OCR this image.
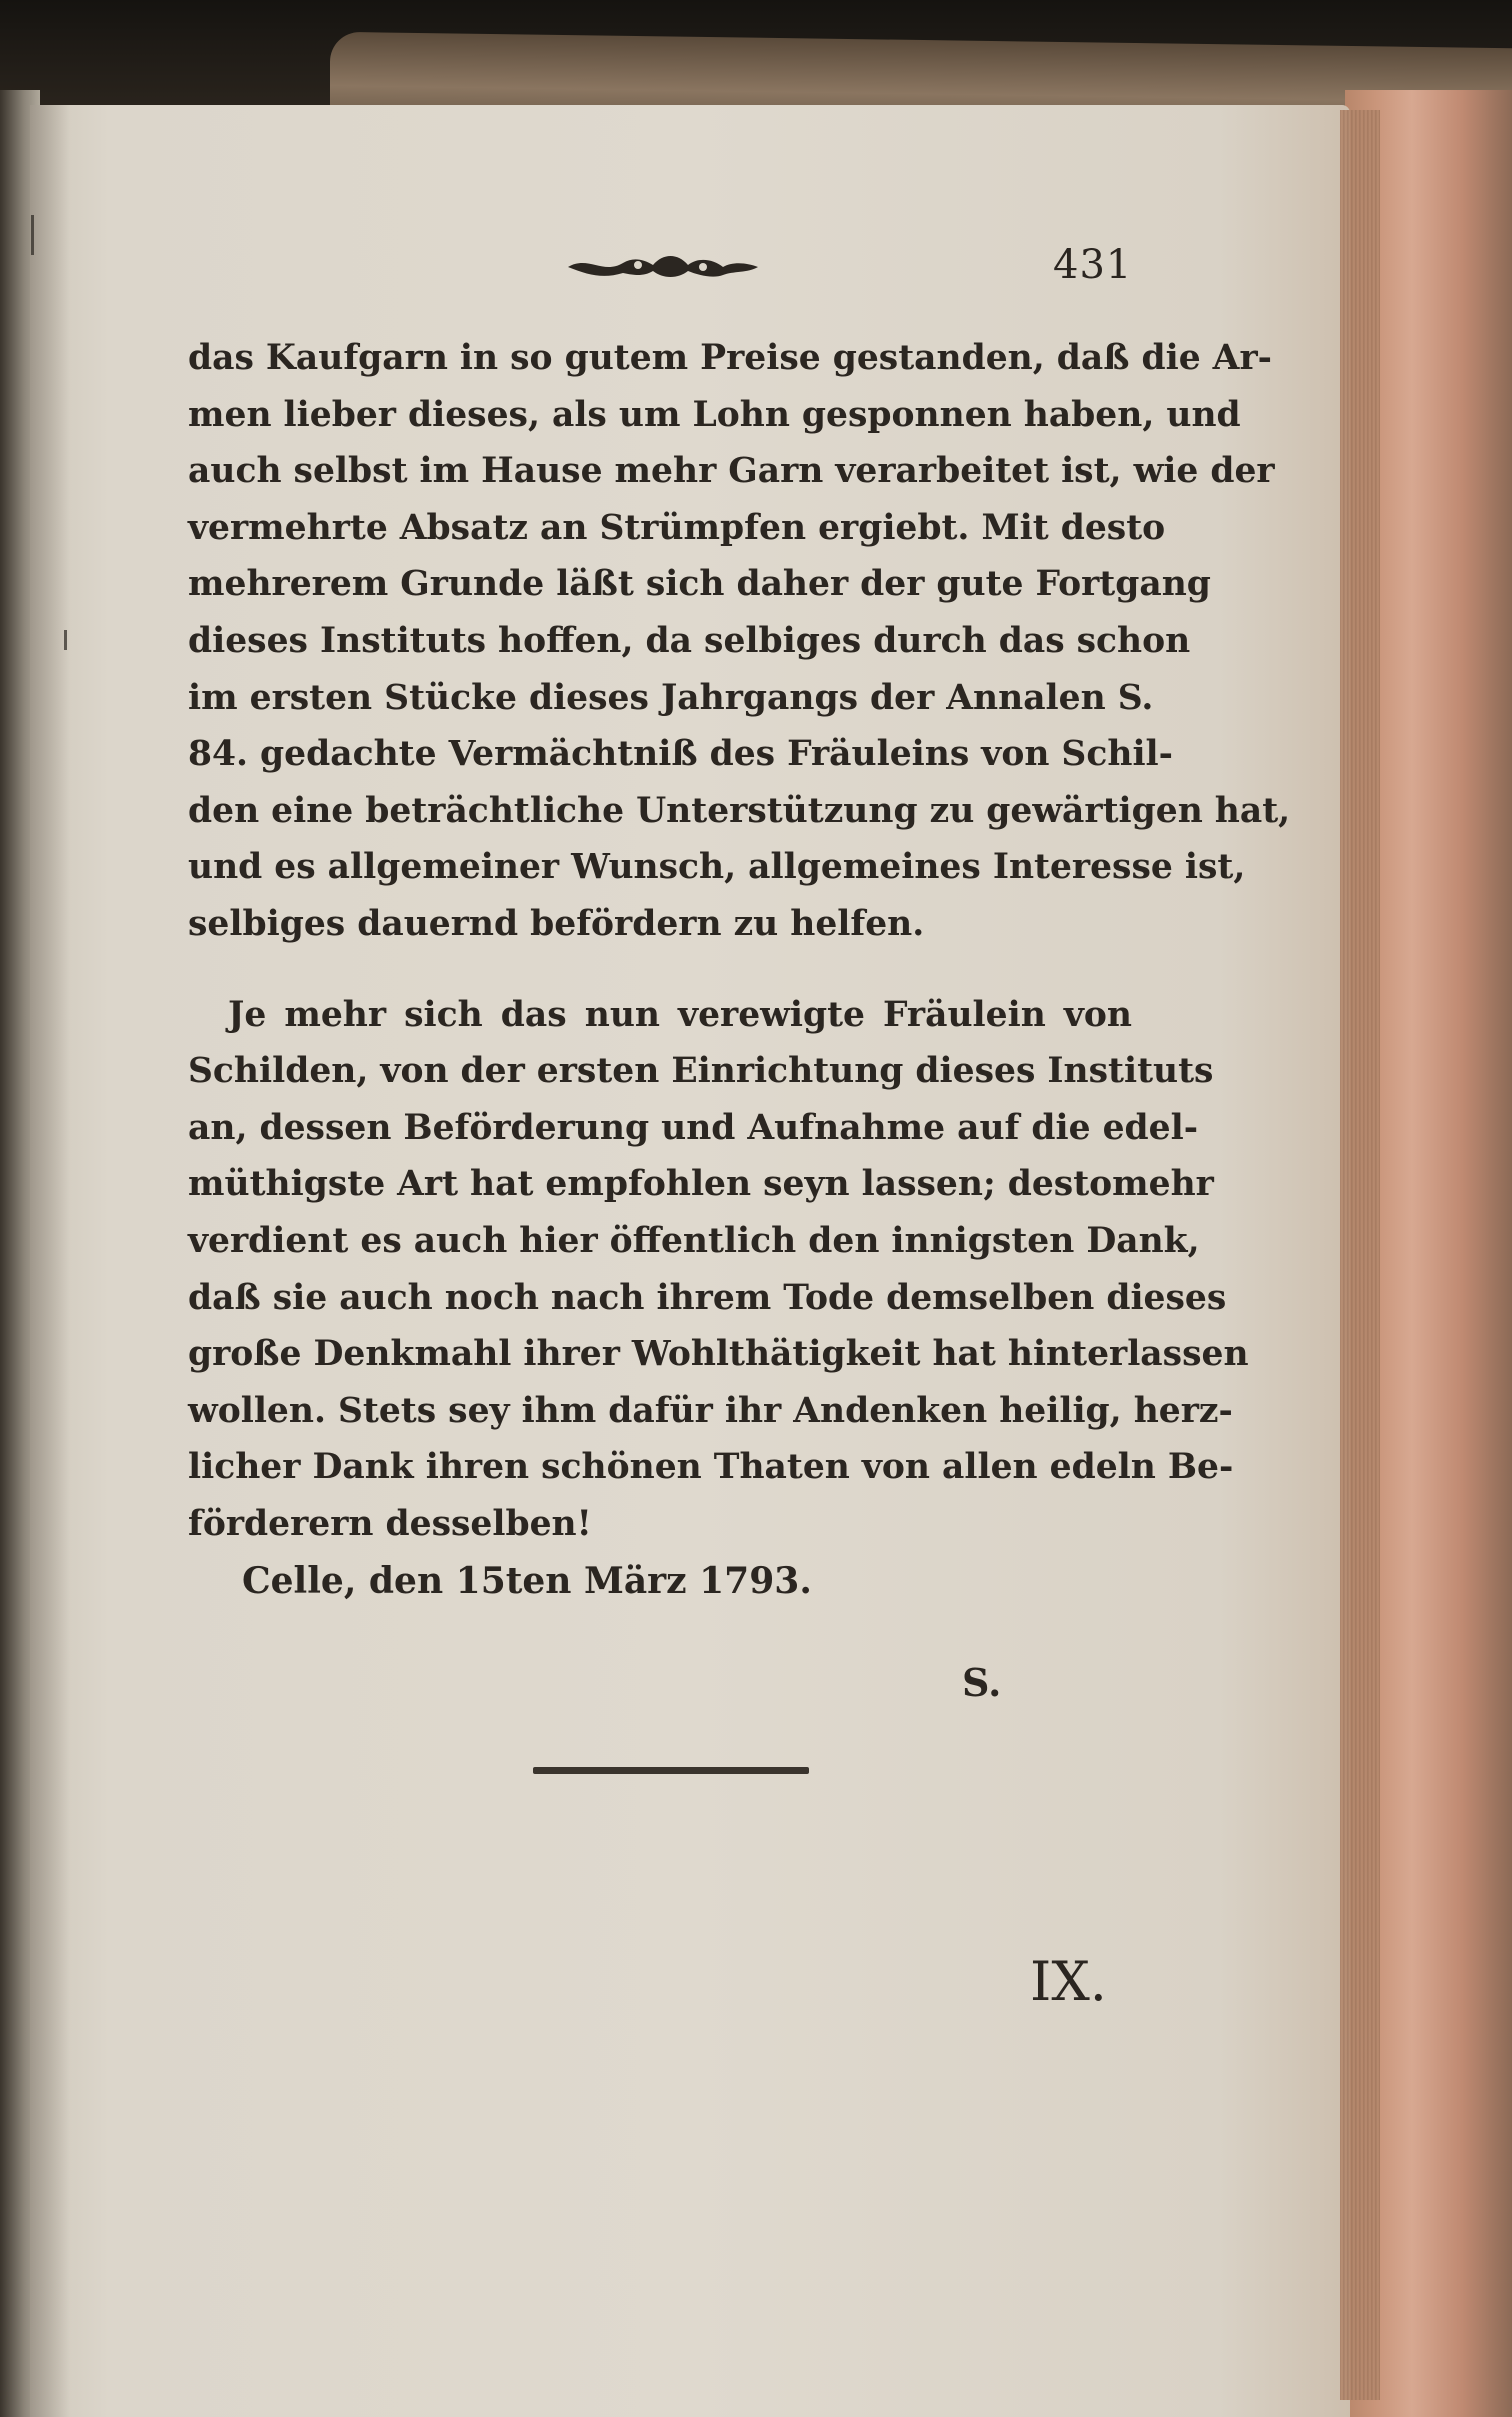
431
das Kaufgarn in so gutem Preise gestanden, daß die Ar-
men lieber dieses, als um Lohn gesponnen haben, und
auch selbst im Hause mehr Garn verarbeitet ist, wie der
vermehrte Absatz an Strümpfen ergiebt. Mit desto
mehrerem Grunde läßt sich daher der gute Fortgang
dieses Instituts hoffen, da selbiges durch das schon
im ersten Stücke dieses Jahrgangs der Annalen S.
84. gedachte Vermächtniß des Fräuleins von Schil-
den eine beträchtliche Unterstützung zu gewärtigen hat,
und es allgemeiner Wunsch, allgemeines Interesse ist,
selbiges dauernd befördern zu helfen.
Je mehr sich das nun verewigte Fräulein von
Schilden, von der ersten Einrichtung dieses Instituts
an, dessen Beförderung und Aufnahme auf die edel-
müthigste Art hat empfohlen seyn lassen; destomehr
verdient es auch hier öffentlich den innigsten Dank,
daß sie auch noch nach ihrem Tode demselben dieses
große Denkmahl ihrer Wohlthätigkeit hat hinterlassen
wollen. Stets sey ihm dafür ihr Andenken heilig, herz-
licher Dank ihren schönen Thaten von allen edeln Be-
förderern desselben!
Celle, den 15ten März 1793.
S.
IX.
